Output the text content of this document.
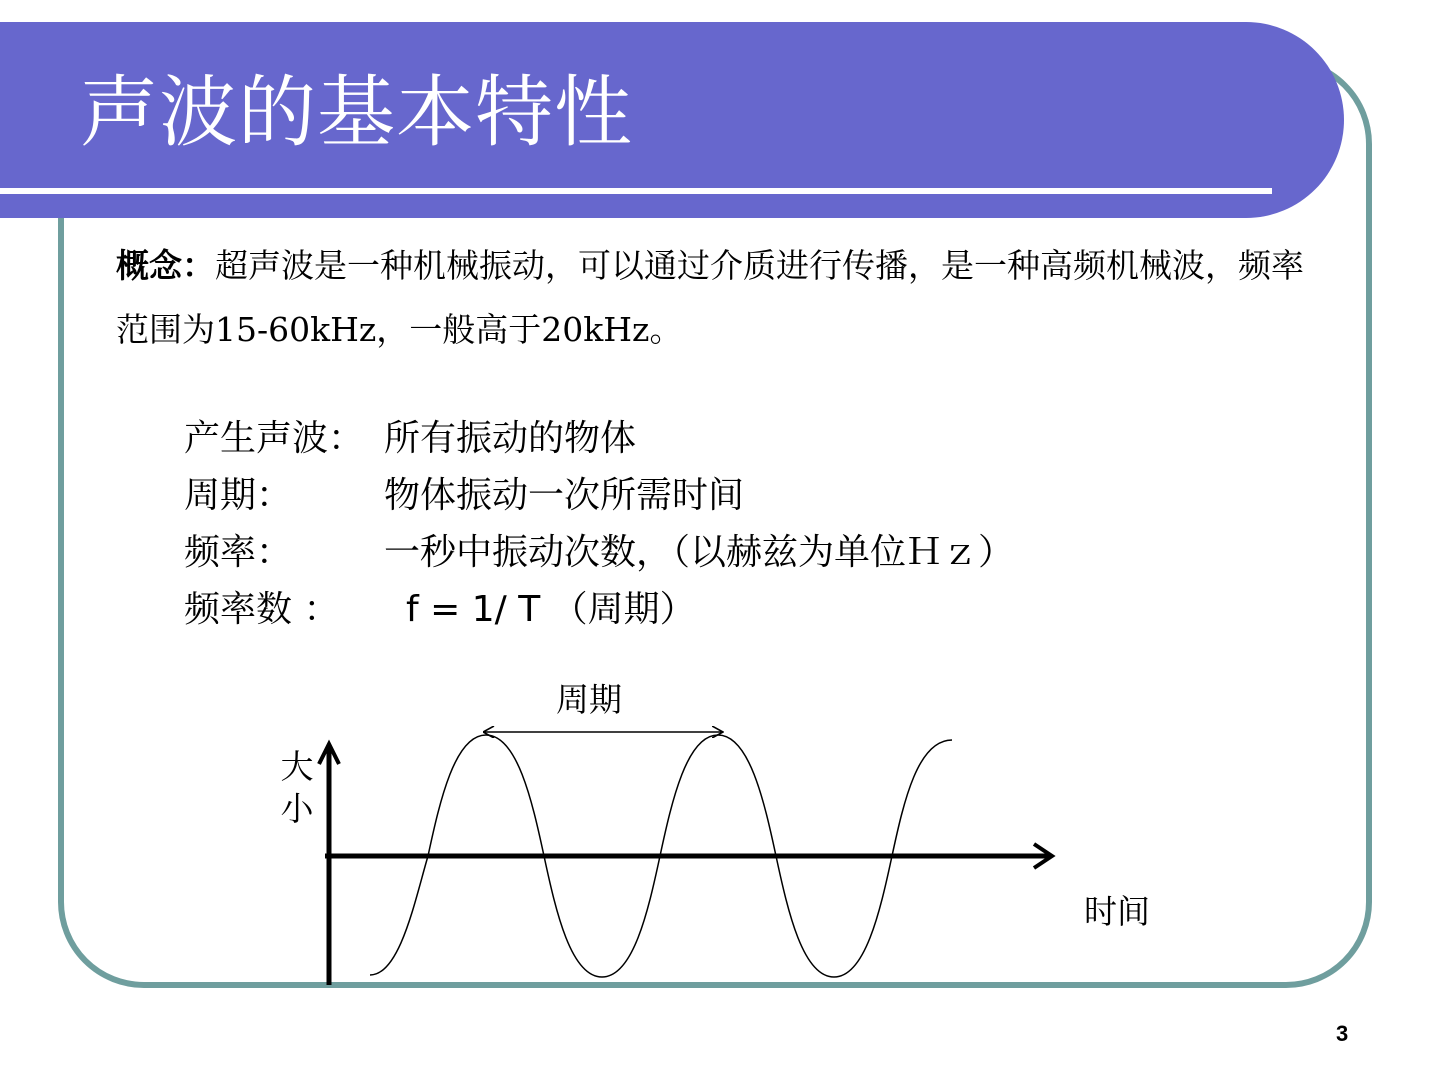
声波的基本特性
概念：超声波是一种机械振动，可以通过介质进行传播，是一种高频机械波，频率范围为15-60kHz，一般高于20kHz。
产生声波： 所有振动的物体
周期：	物体振动一次所需时间
频率：	一秒中振动次数，（以赫兹为单位Ｈｚ）
频率数 ： f = 1/ T （周期）
周期
大
小
时间
3
